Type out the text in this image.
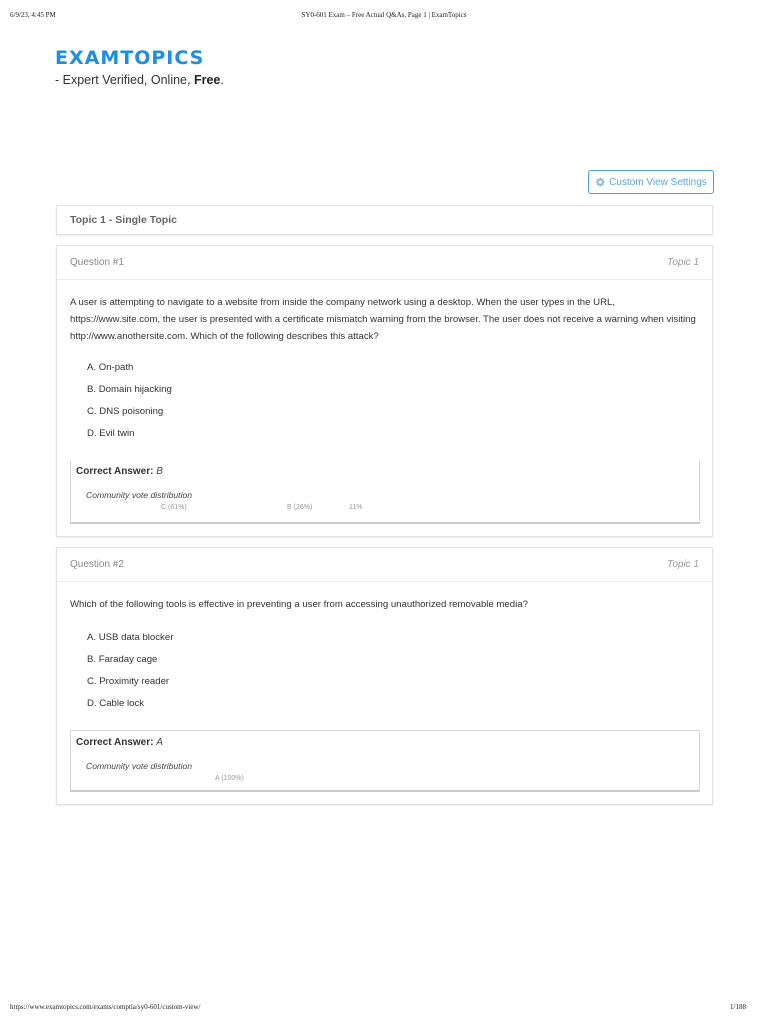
6/9/23, 4:45 PM	SY0-601 Exam – Free Actual Q&As, Page 1 | ExamTopics
EXAMTOPICS
- Expert Verified, Online, Free.
Custom View Settings
Topic 1 - Single Topic
Question #1	Topic 1

A user is attempting to navigate to a website from inside the company network using a desktop. When the user types in the URL, https://www.site.com, the user is presented with a certificate mismatch warning from the browser. The user does not receive a warning when visiting http://www.anothersite.com. Which of the following describes this attack?

A. On-path
B. Domain hijacking
C. DNS poisoning
D. Evil twin
Correct Answer: B
Community vote distribution
C (61%)	B (26%)	11%
Question #2	Topic 1

Which of the following tools is effective in preventing a user from accessing unauthorized removable media?

A. USB data blocker
B. Faraday cage
C. Proximity reader
D. Cable lock
Correct Answer: A
Community vote distribution
A (100%)
https://www.examtopics.com/exams/comptia/sy0-601/custom-view/	1/188
